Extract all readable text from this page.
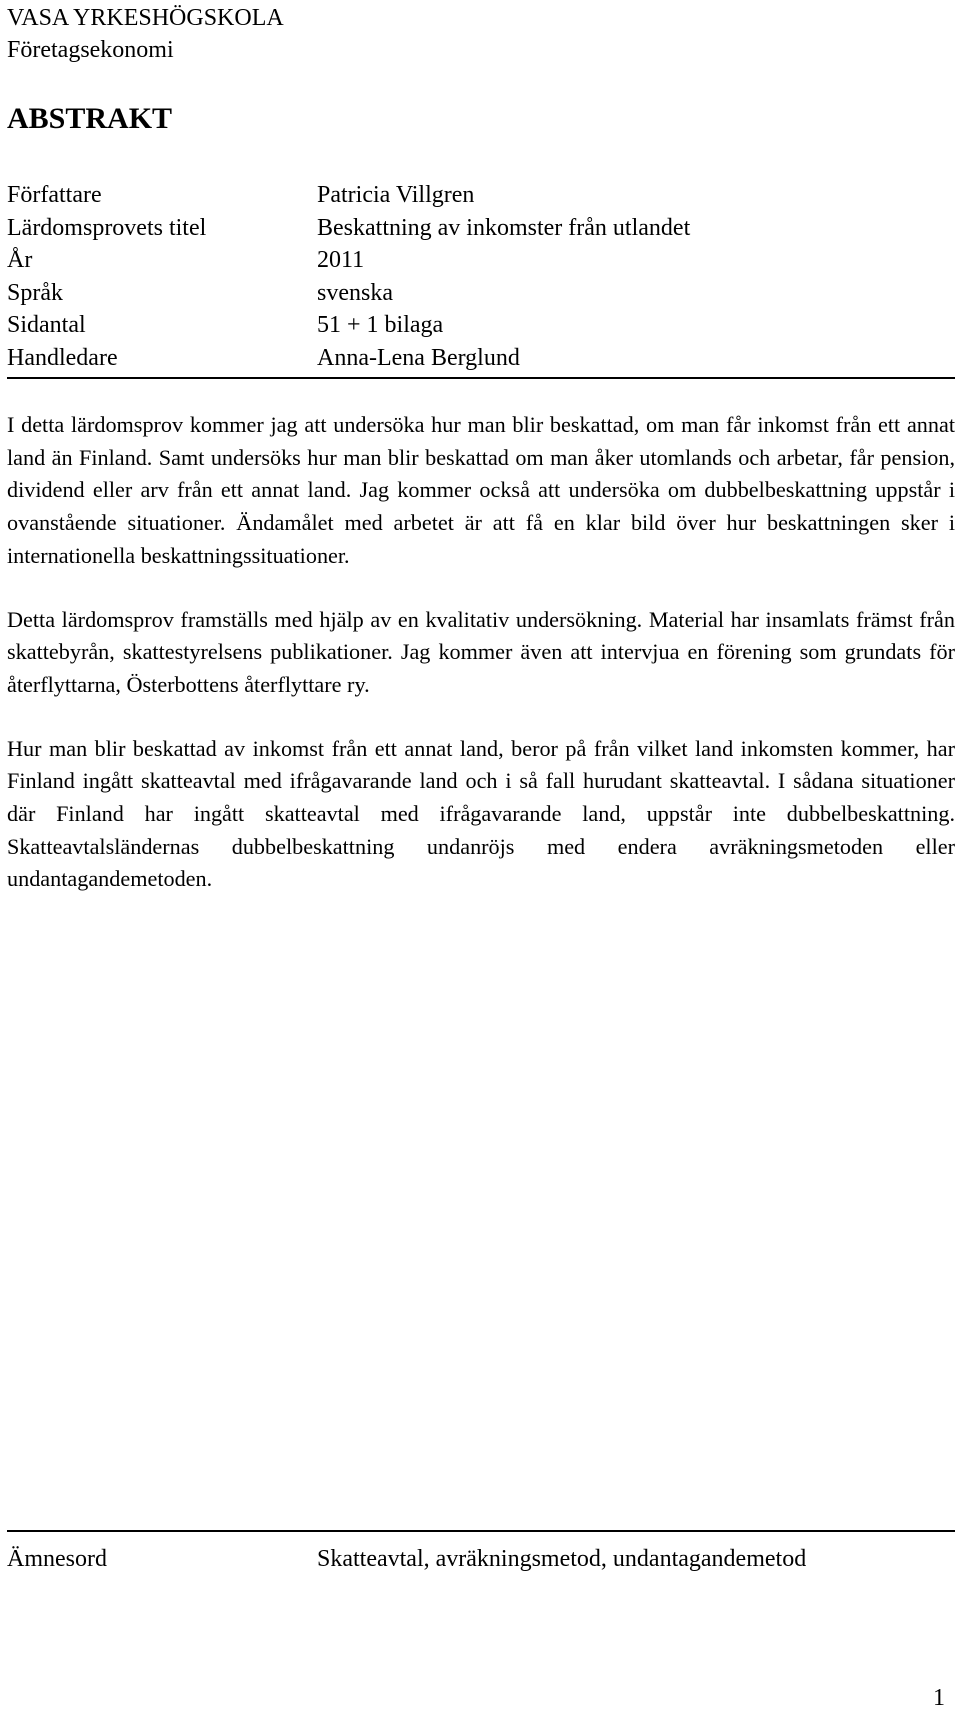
VASA YRKESHÖGSKOLA
Företagsekonomi
ABSTRAKT
Författare	Patricia Villgren
Lärdomsprovets titel	Beskattning av inkomster från utlandet
År	2011
Språk	svenska
Sidantal	51 + 1 bilaga
Handledare	Anna-Lena Berglund

I detta lärdomsprov kommer jag att undersöka hur man blir beskattad, om man får inkomst från ett annat land än Finland. Samt undersöks hur man blir beskattad om man åker utomlands och arbetar, får pension, dividend eller arv från ett annat land. Jag kommer också att undersöka om dubbelbeskattning uppstår i ovanstående situationer. Ändamålet med arbetet är att få en klar bild över hur beskattningen sker i internationella beskattningssituationer.

Detta lärdomsprov framställs med hjälp av en kvalitativ undersökning. Material har insamlats främst från skattebyrån, skattestyrelsens publikationer. Jag kommer även att intervjua en förening som grundats för återflyttarna, Österbottens återflyttare ry.

Hur man blir beskattad av inkomst från ett annat land, beror på från vilket land inkomsten kommer, har Finland ingått skatteavtal med ifrågavarande land och i så fall hurudant skatteavtal. I sådana situationer där Finland har ingått skatteavtal med ifrågavarande land, uppstår inte dubbelbeskattning. Skatteavtalsländernas dubbelbeskattning undanröjs med endera avräkningsmetoden eller undantagandemetoden.

Ämnesord	Skatteavtal, avräkningsmetod, undantagandemetod
1
